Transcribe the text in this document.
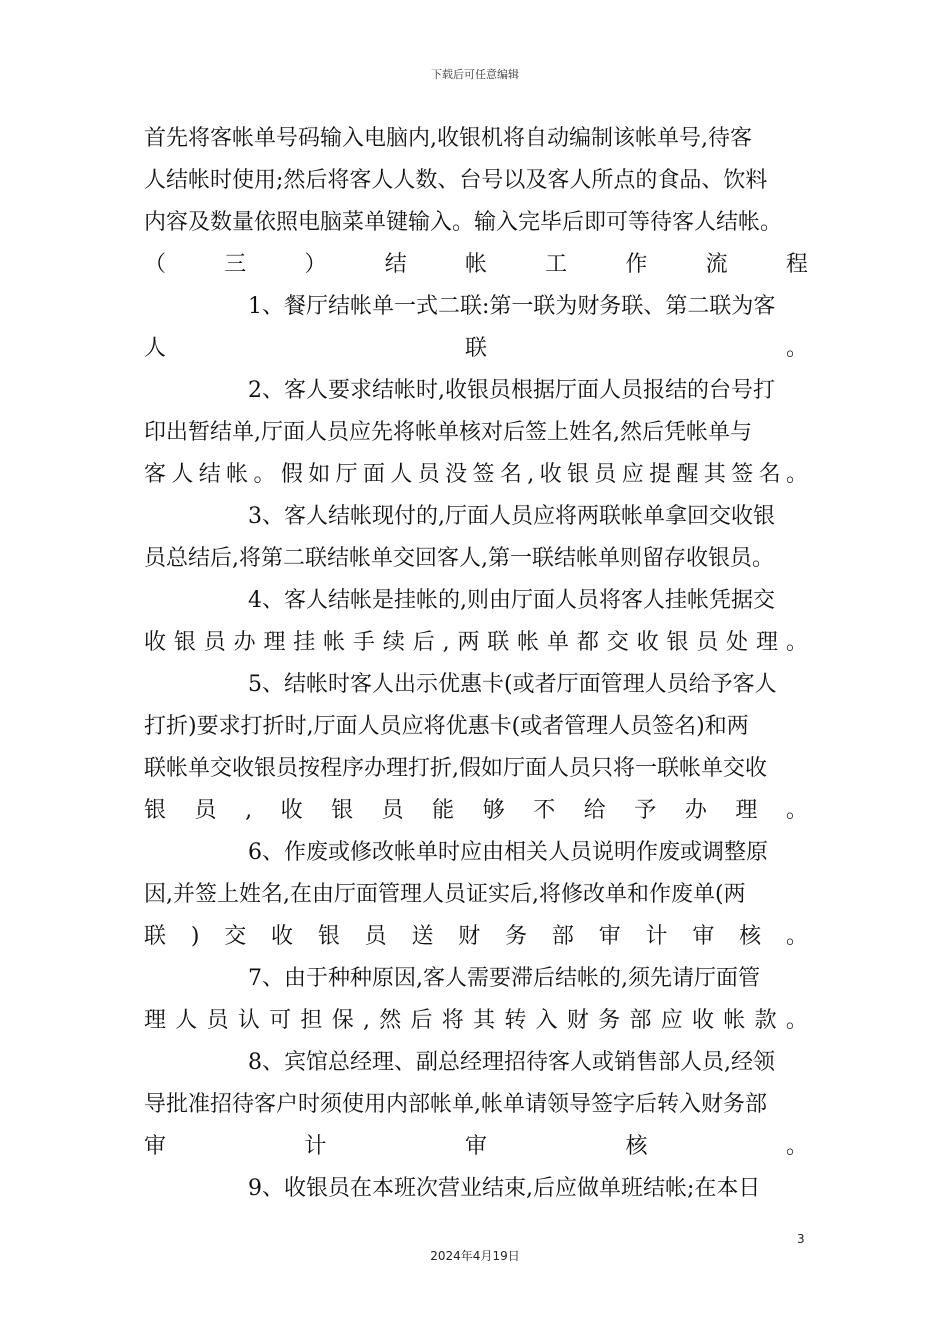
下载后可任意编辑
首先将客帐单号码输入电脑内,收银机将自动编制该帐单号,待客
人结帐时使用;然后将客人人数、台号以及客人所点的食品、饮料
内容及数量依照电脑菜单键输入。输入完毕后即可等待客人结帐。
（	三	）	结	帐	工	作	流	程
1、餐厅结帐单一式二联:第一联为财务联、第二联为客
人	联	。
2、客人要求结帐时,收银员根据厅面人员报结的台号打
印出暂结单,厅面人员应先将帐单核对后签上姓名,然后凭帐单与
客 人 结 帐 。 假 如 厅 面 人 员 没 签 名 , 收 银 员 应 提 醒 其 签 名 。
3、客人结帐现付的,厅面人员应将两联帐单拿回交收银
员总结后,将第二联结帐单交回客人,第一联结帐单则留存收银员。
4、客人结帐是挂帐的,则由厅面人员将客人挂帐凭据交
收 银 员 办 理 挂 帐 手 续 后 , 两 联 帐 单 都 交 收 银 员 处 理 。
5、结帐时客人出示优惠卡(或者厅面管理人员给予客人
打折)要求打折时,厅面人员应将优惠卡(或者管理人员签名)和两
联帐单交收银员按程序办理打折,假如厅面人员只将一联帐单交收
银 员 , 收 银 员 能 够 不 给 予 办 理 。
6、作废或修改帐单时应由相关人员说明作废或调整原
因,并签上姓名,在由厅面管理人员证实后,将修改单和作废单(两
联 ) 交 收 银 员 送 财 务 部 审 计 审 核 。
7、由于种种原因,客人需要滞后结帐的,须先请厅面管
理 人 员 认 可 担 保 , 然 后 将 其 转 入 财 务 部 应 收 帐 款 。
8、宾馆总经理、副总经理招待客人或销售部人员,经领
导批准招待客户时须使用内部帐单,帐单请领导签字后转入财务部
审	计	审	核	。
9、收银员在本班次营业结束,后应做单班结帐;在本日
3
2024年4月19日
